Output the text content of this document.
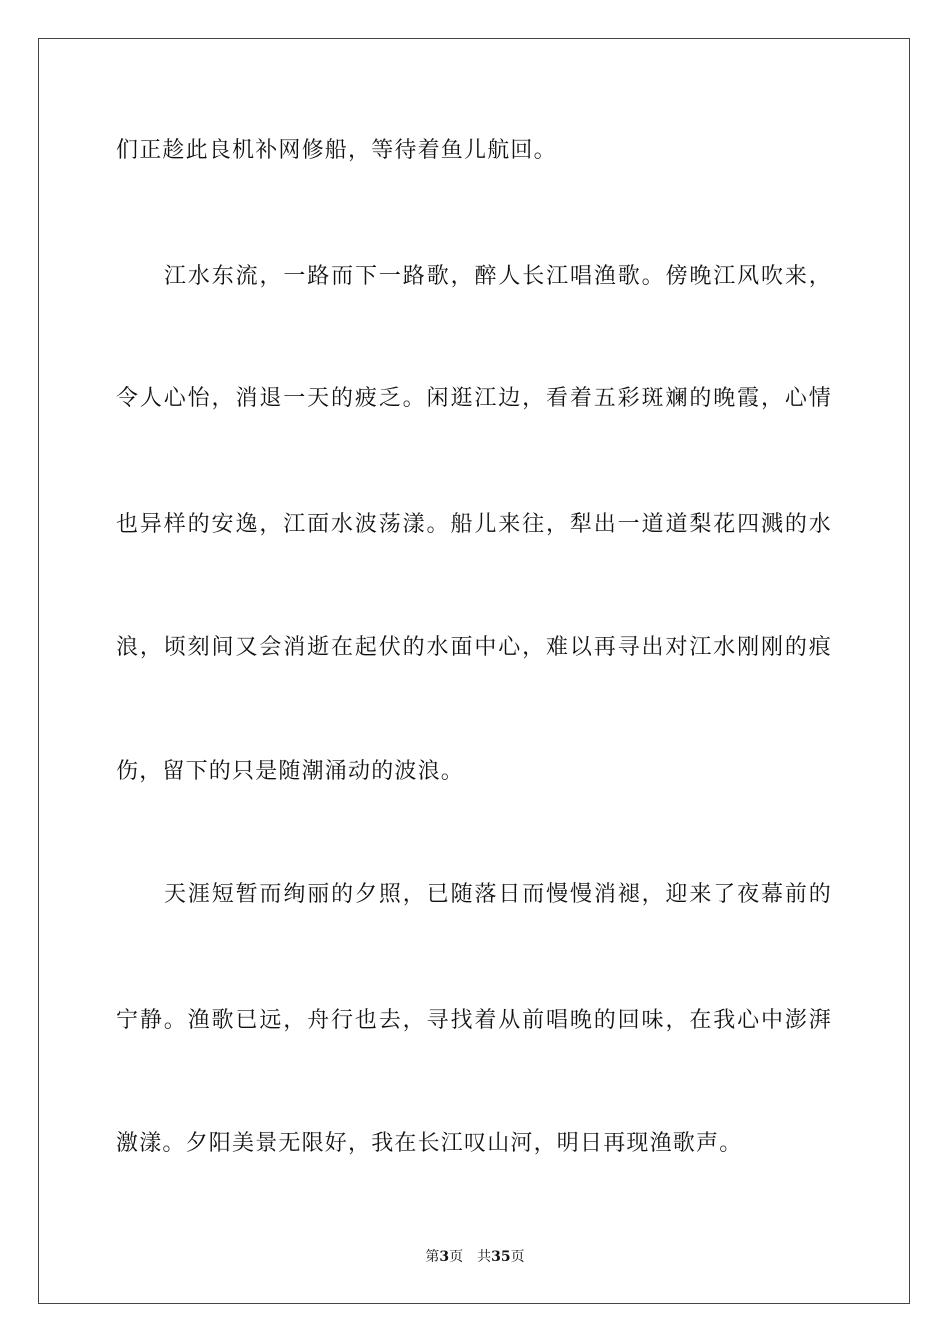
们正趁此良机补网修船，等待着鱼儿航回。
江水东流，一路而下一路歌，醉人长江唱渔歌。傍晚江风吹来，
令人心怡，消退一天的疲乏。闲逛江边，看着五彩斑斓的晚霞，心情
也异样的安逸，江面水波荡漾。船儿来往，犁出一道道梨花四溅的水
浪，顷刻间又会消逝在起伏的水面中心，难以再寻出对江水刚刚的痕
伤，留下的只是随潮涌动的波浪。
天涯短暂而绚丽的夕照，已随落日而慢慢消褪，迎来了夜幕前的
宁静。渔歌已远，舟行也去，寻找着从前唱晚的回味，在我心中澎湃
激漾。夕阳美景无限好，我在长江叹山河，明日再现渔歌声。
第3页 共35页
